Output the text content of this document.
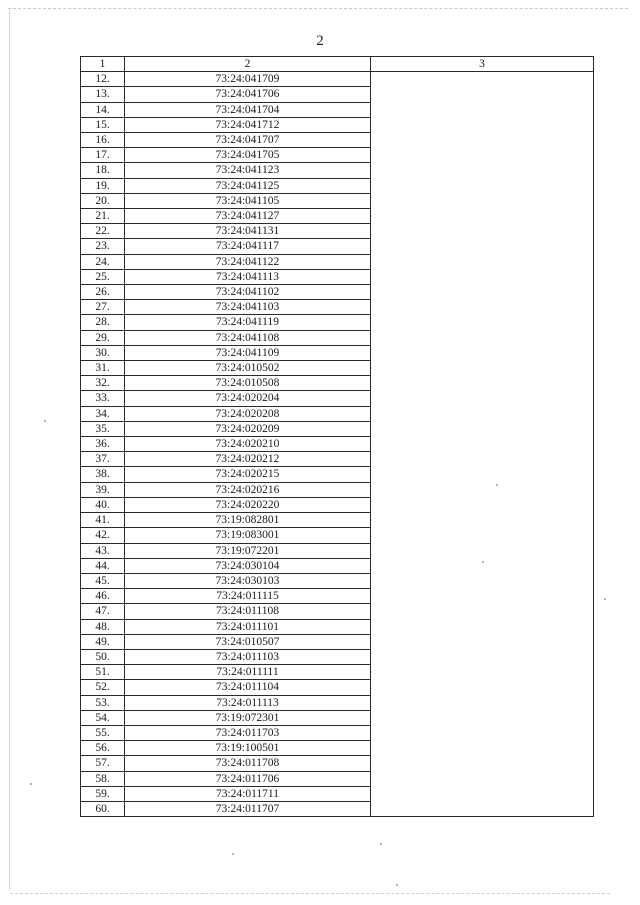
2
1	2	3
12.	73:24:041709	
13.	73:24:041706	
14.	73:24:041704	
15.	73:24:041712	
16.	73:24:041707	
17.	73:24:041705	
18.	73:24:041123	
19.	73:24:041125	
20.	73:24:041105	
21.	73:24:041127	
22.	73:24:041131	
23.	73:24:041117	
24.	73:24:041122	
25.	73:24:041113	
26.	73:24:041102	
27.	73:24:041103	
28.	73:24:041119	
29.	73:24:041108	
30.	73:24:041109	
31.	73:24:010502	
32.	73:24:010508	
33.	73:24:020204	
34.	73:24:020208	
35.	73:24:020209	
36.	73:24:020210	
37.	73:24:020212	
38.	73:24:020215	
39.	73:24:020216	
40.	73:24:020220	
41.	73:19:082801	
42.	73:19:083001	
43.	73:19:072201	
44.	73:24:030104	
45.	73:24:030103	
46.	73:24:011115	
47.	73:24:011108	
48.	73:24:011101	
49.	73:24:010507	
50.	73:24:011103	
51.	73:24:011111	
52.	73:24:011104	
53.	73:24:011113	
54.	73:19:072301	
55.	73:24:011703	
56.	73:19:100501	
57.	73:24:011708	
58.	73:24:011706	
59.	73:24:011711	
60.	73:24:011707	
